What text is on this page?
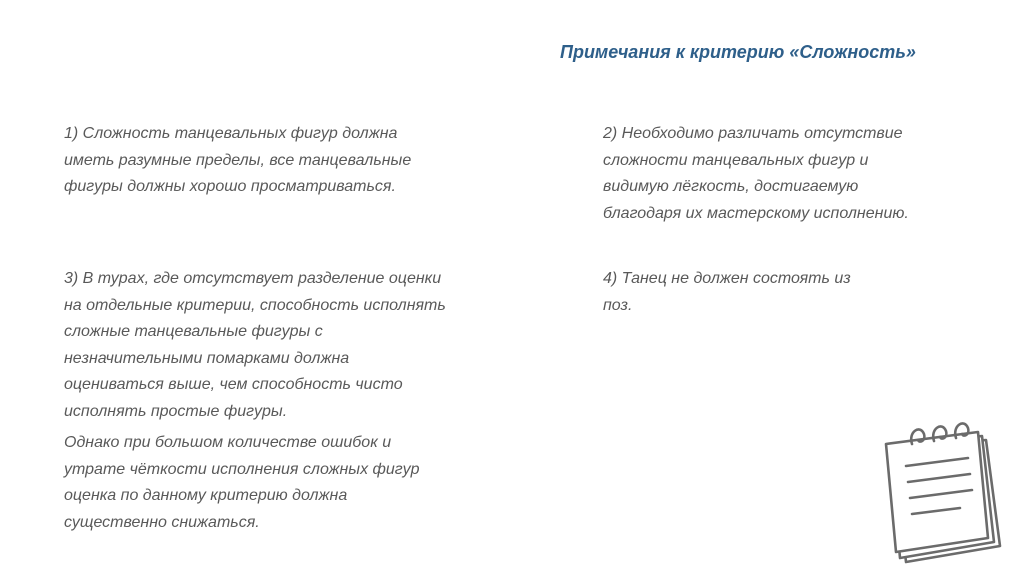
Примечания к критерию «Сложность»

1) Сложность танцевальных фигур должна
иметь разумные пределы, все танцевальные
фигуры должны хорошо просматриваться.

2) Необходимо различать отсутствие
сложности танцевальных фигур и
видимую лёгкость, достигаемую
благодаря их мастерскому исполнению.

3) В турах, где отсутствует разделение оценки
на отдельные критерии, способность исполнять
сложные танцевальные фигуры с
незначительными помарками должна
оцениваться выше, чем способность чисто
исполнять простые фигуры.

Однако при большом количестве ошибок и
утрате чёткости исполнения сложных фигур
оценка по данному критерию должна
существенно снижаться.

4) Танец не должен состоять из
поз.
